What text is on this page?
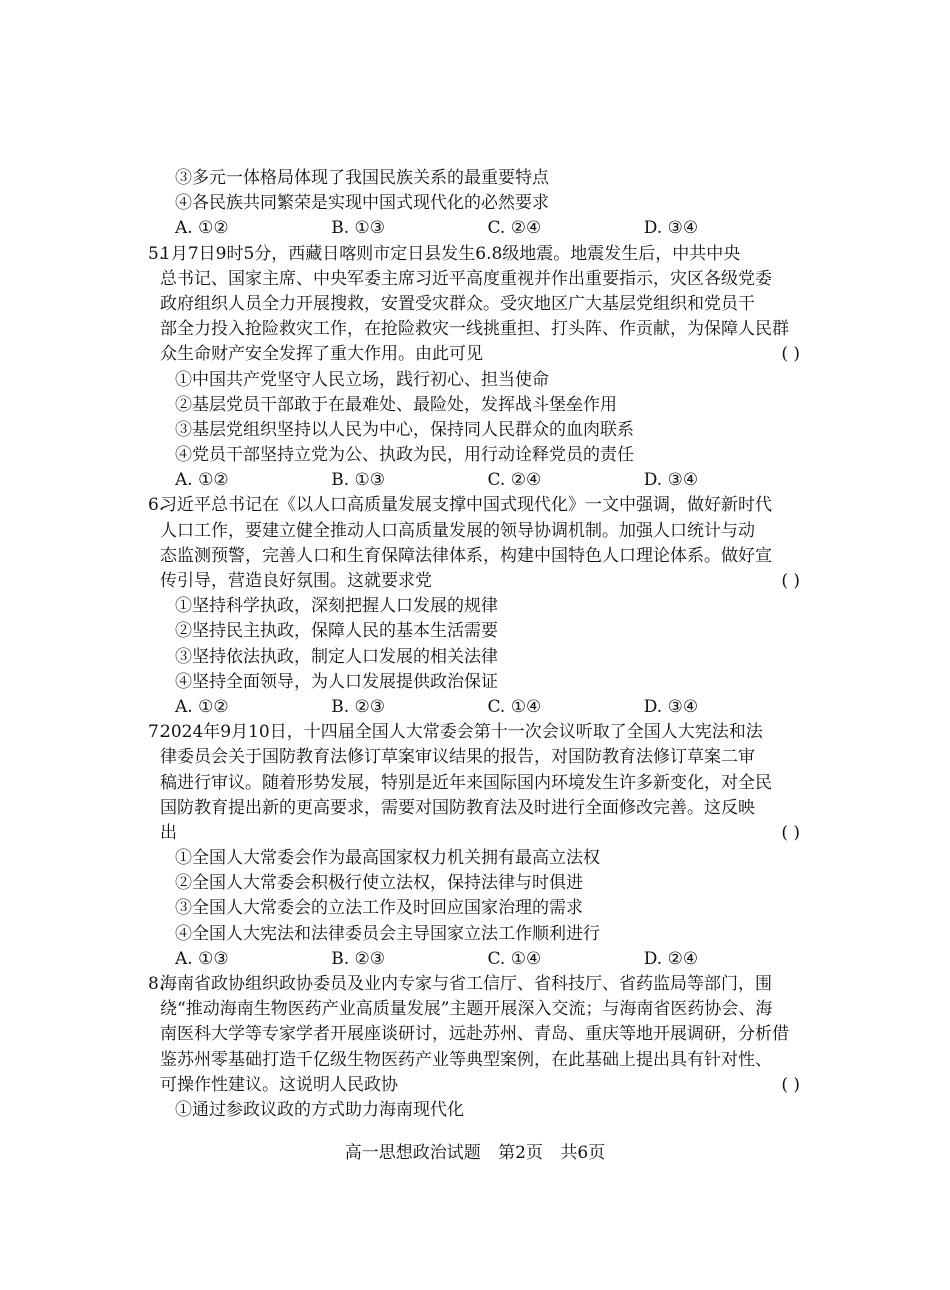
③多元一体格局体现了我国民族关系的最重要特点
④各民族共同繁荣是实现中国式现代化的必然要求
A. ①②	B. ①③	C. ②④	D. ③④
5.
1月7日9时5分，西藏日喀则市定日县发生6.8级地震。地震发生后，中共中央
总书记、国家主席、中央军委主席习近平高度重视并作出重要指示，灾区各级党委
政府组织人员全力开展搜救，安置受灾群众。受灾地区广大基层党组织和党员干
部全力投入抢险救灾工作，在抢险救灾一线挑重担、打头阵、作贡献，为保障人民群
众生命财产安全发挥了重大作用。由此可见	( )
①中国共产党坚守人民立场，践行初心、担当使命
②基层党员干部敢于在最难处、最险处，发挥战斗堡垒作用
③基层党组织坚持以人民为中心，保持同人民群众的血肉联系
④党员干部坚持立党为公、执政为民，用行动诠释党员的责任
A. ①②	B. ①③	C. ②④	D. ③④
6.
习近平总书记在《以人口高质量发展支撑中国式现代化》一文中强调，做好新时代
人口工作，要建立健全推动人口高质量发展的领导协调机制。加强人口统计与动
态监测预警，完善人口和生育保障法律体系，构建中国特色人口理论体系。做好宣
传引导，营造良好氛围。这就要求党	( )
①坚持科学执政，深刻把握人口发展的规律
②坚持民主执政，保障人民的基本生活需要
③坚持依法执政，制定人口发展的相关法律
④坚持全面领导，为人口发展提供政治保证
A. ①②	B. ②③	C. ①④	D. ③④
7.
2024年9月10日，十四届全国人大常委会第十一次会议听取了全国人大宪法和法
律委员会关于国防教育法修订草案审议结果的报告，对国防教育法修订草案二审
稿进行审议。随着形势发展，特别是近年来国际国内环境发生许多新变化，对全民
国防教育提出新的更高要求，需要对国防教育法及时进行全面修改完善。这反映
出	( )
①全国人大常委会作为最高国家权力机关拥有最高立法权
②全国人大常委会积极行使立法权，保持法律与时俱进
③全国人大常委会的立法工作及时回应国家治理的需求
④全国人大宪法和法律委员会主导国家立法工作顺利进行
A. ①③	B. ②③	C. ①④	D. ②④
8.
海南省政协组织政协委员及业内专家与省工信厅、省科技厅、省药监局等部门，围
绕“推动海南生物医药产业高质量发展”主题开展深入交流；与海南省医药协会、海
南医科大学等专家学者开展座谈研讨，远赴苏州、青岛、重庆等地开展调研，分析借
鉴苏州零基础打造千亿级生物医药产业等典型案例，在此基础上提出具有针对性、
可操作性建议。这说明人民政协	( )
①通过参政议政的方式助力海南现代化
高一思想政治试题 第2页 共6页
